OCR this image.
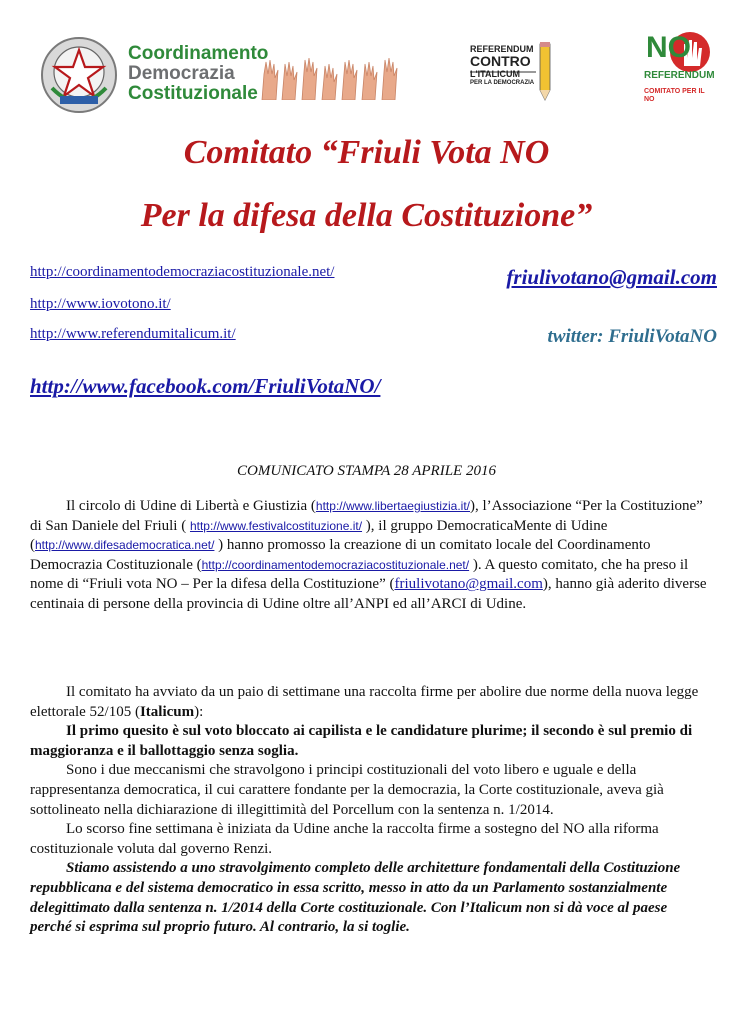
Coordinamento
Democrazia
Costituzionale
REFERENDUM
CONTRO
L'ITALICUM
PER LA DEMOCRAZIA
NO
REFERENDUM
COMITATO PER IL NO
Comitato “Friuli Vota NO
Per la difesa della Costituzione”
http://coordinamentodemocraziacostituzionale.net/
http://www.iovotono.it/
http://www.referendumitalicum.it/
http://www.facebook.com/FriuliVotaNO/
friulivotano@gmail.com
twitter: FriuliVotaNO
COMUNICATO STAMPA 28 APRILE 2016

Il circolo di Udine di Libertà e Giustizia (http://www.libertaegiustizia.it/), l’Associazione “Per la Costituzione” di San Daniele del Friuli ( http://www.festivalcostituzione.it/ ), il gruppo DemocraticaMente di Udine (http://www.difesademocratica.net/ ) hanno promosso la creazione di un comitato locale del Coordinamento Democrazia Costituzionale (http://coordinamentodemocraziacostituzionale.net/ ). A questo comitato, che ha preso il nome di “Friuli vota NO – Per la difesa della Costituzione” (friulivotano@gmail.com), hanno già aderito diverse centinaia di persone della provincia di Udine oltre all’ANPI ed all’ARCI di Udine.

Il comitato ha avviato da un paio di settimane una raccolta firme per abolire due norme della nuova legge elettorale 52/105 (Italicum):

Il primo quesito è sul voto bloccato ai capilista e le candidature plurime; il secondo è sul premio di maggioranza e il ballottaggio senza soglia.

Sono i due meccanismi che stravolgono i principi costituzionali del voto libero e uguale e della rappresentanza democratica, il cui carattere fondante per la democrazia, la Corte costituzionale, aveva già sottolineato nella dichiarazione di illegittimità del Porcellum con la sentenza n. 1/2014.

Lo scorso fine settimana è iniziata da Udine anche la raccolta firme a sostegno del NO alla riforma costituzionale voluta dal governo Renzi.

Stiamo assistendo a uno stravolgimento completo delle architetture fondamentali della Costituzione repubblicana e del sistema democratico in essa scritto, messo in atto da un Parlamento sostanzialmente delegittimato dalla sentenza n. 1/2014 della Corte costituzionale. Con l’Italicum non si dà voce al paese perché si esprima sul proprio futuro. Al contrario, la si toglie.
